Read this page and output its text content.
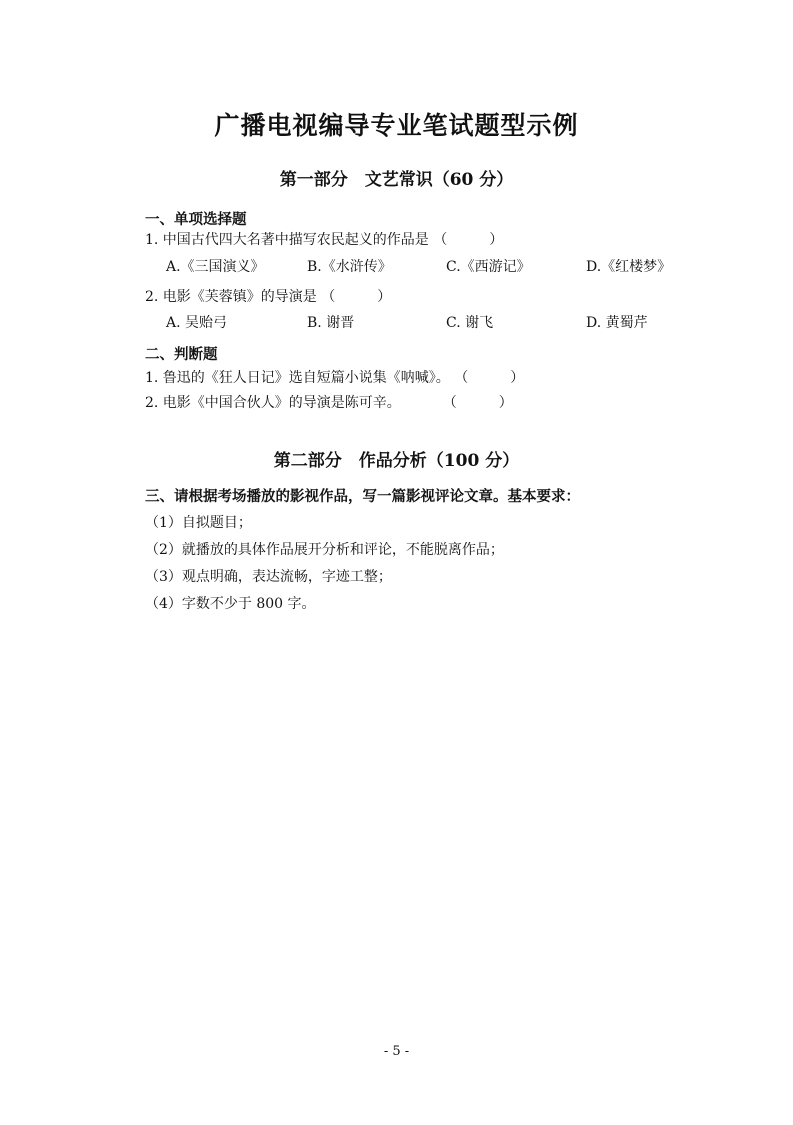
广播电视编导专业笔试题型示例
第一部分　文艺常识（60 分）
一、单项选择题
1. 中国古代四大名著中描写农民起义的作品是 （　　　）
A.《三国演义》	B.《水浒传》	C.《西游记》	D.《红楼梦》
2. 电影《芙蓉镇》的导演是 （　　　）
A. 吴贻弓	B. 谢晋	C. 谢飞	D. 黄蜀芹
二、判断题
1. 鲁迅的《狂人日记》选自短篇小说集《呐喊》。 （　　　）
2. 电影《中国合伙人》的导演是陈可辛。　　　　（　　　）
第二部分　作品分析（100 分）
三、请根据考场播放的影视作品，写一篇影视评论文章。基本要求：
（1）自拟题目；
（2）就播放的具体作品展开分析和评论，不能脱离作品；
（3）观点明确，表达流畅，字迹工整；
（4）字数不少于 800 字。
- 5 -
